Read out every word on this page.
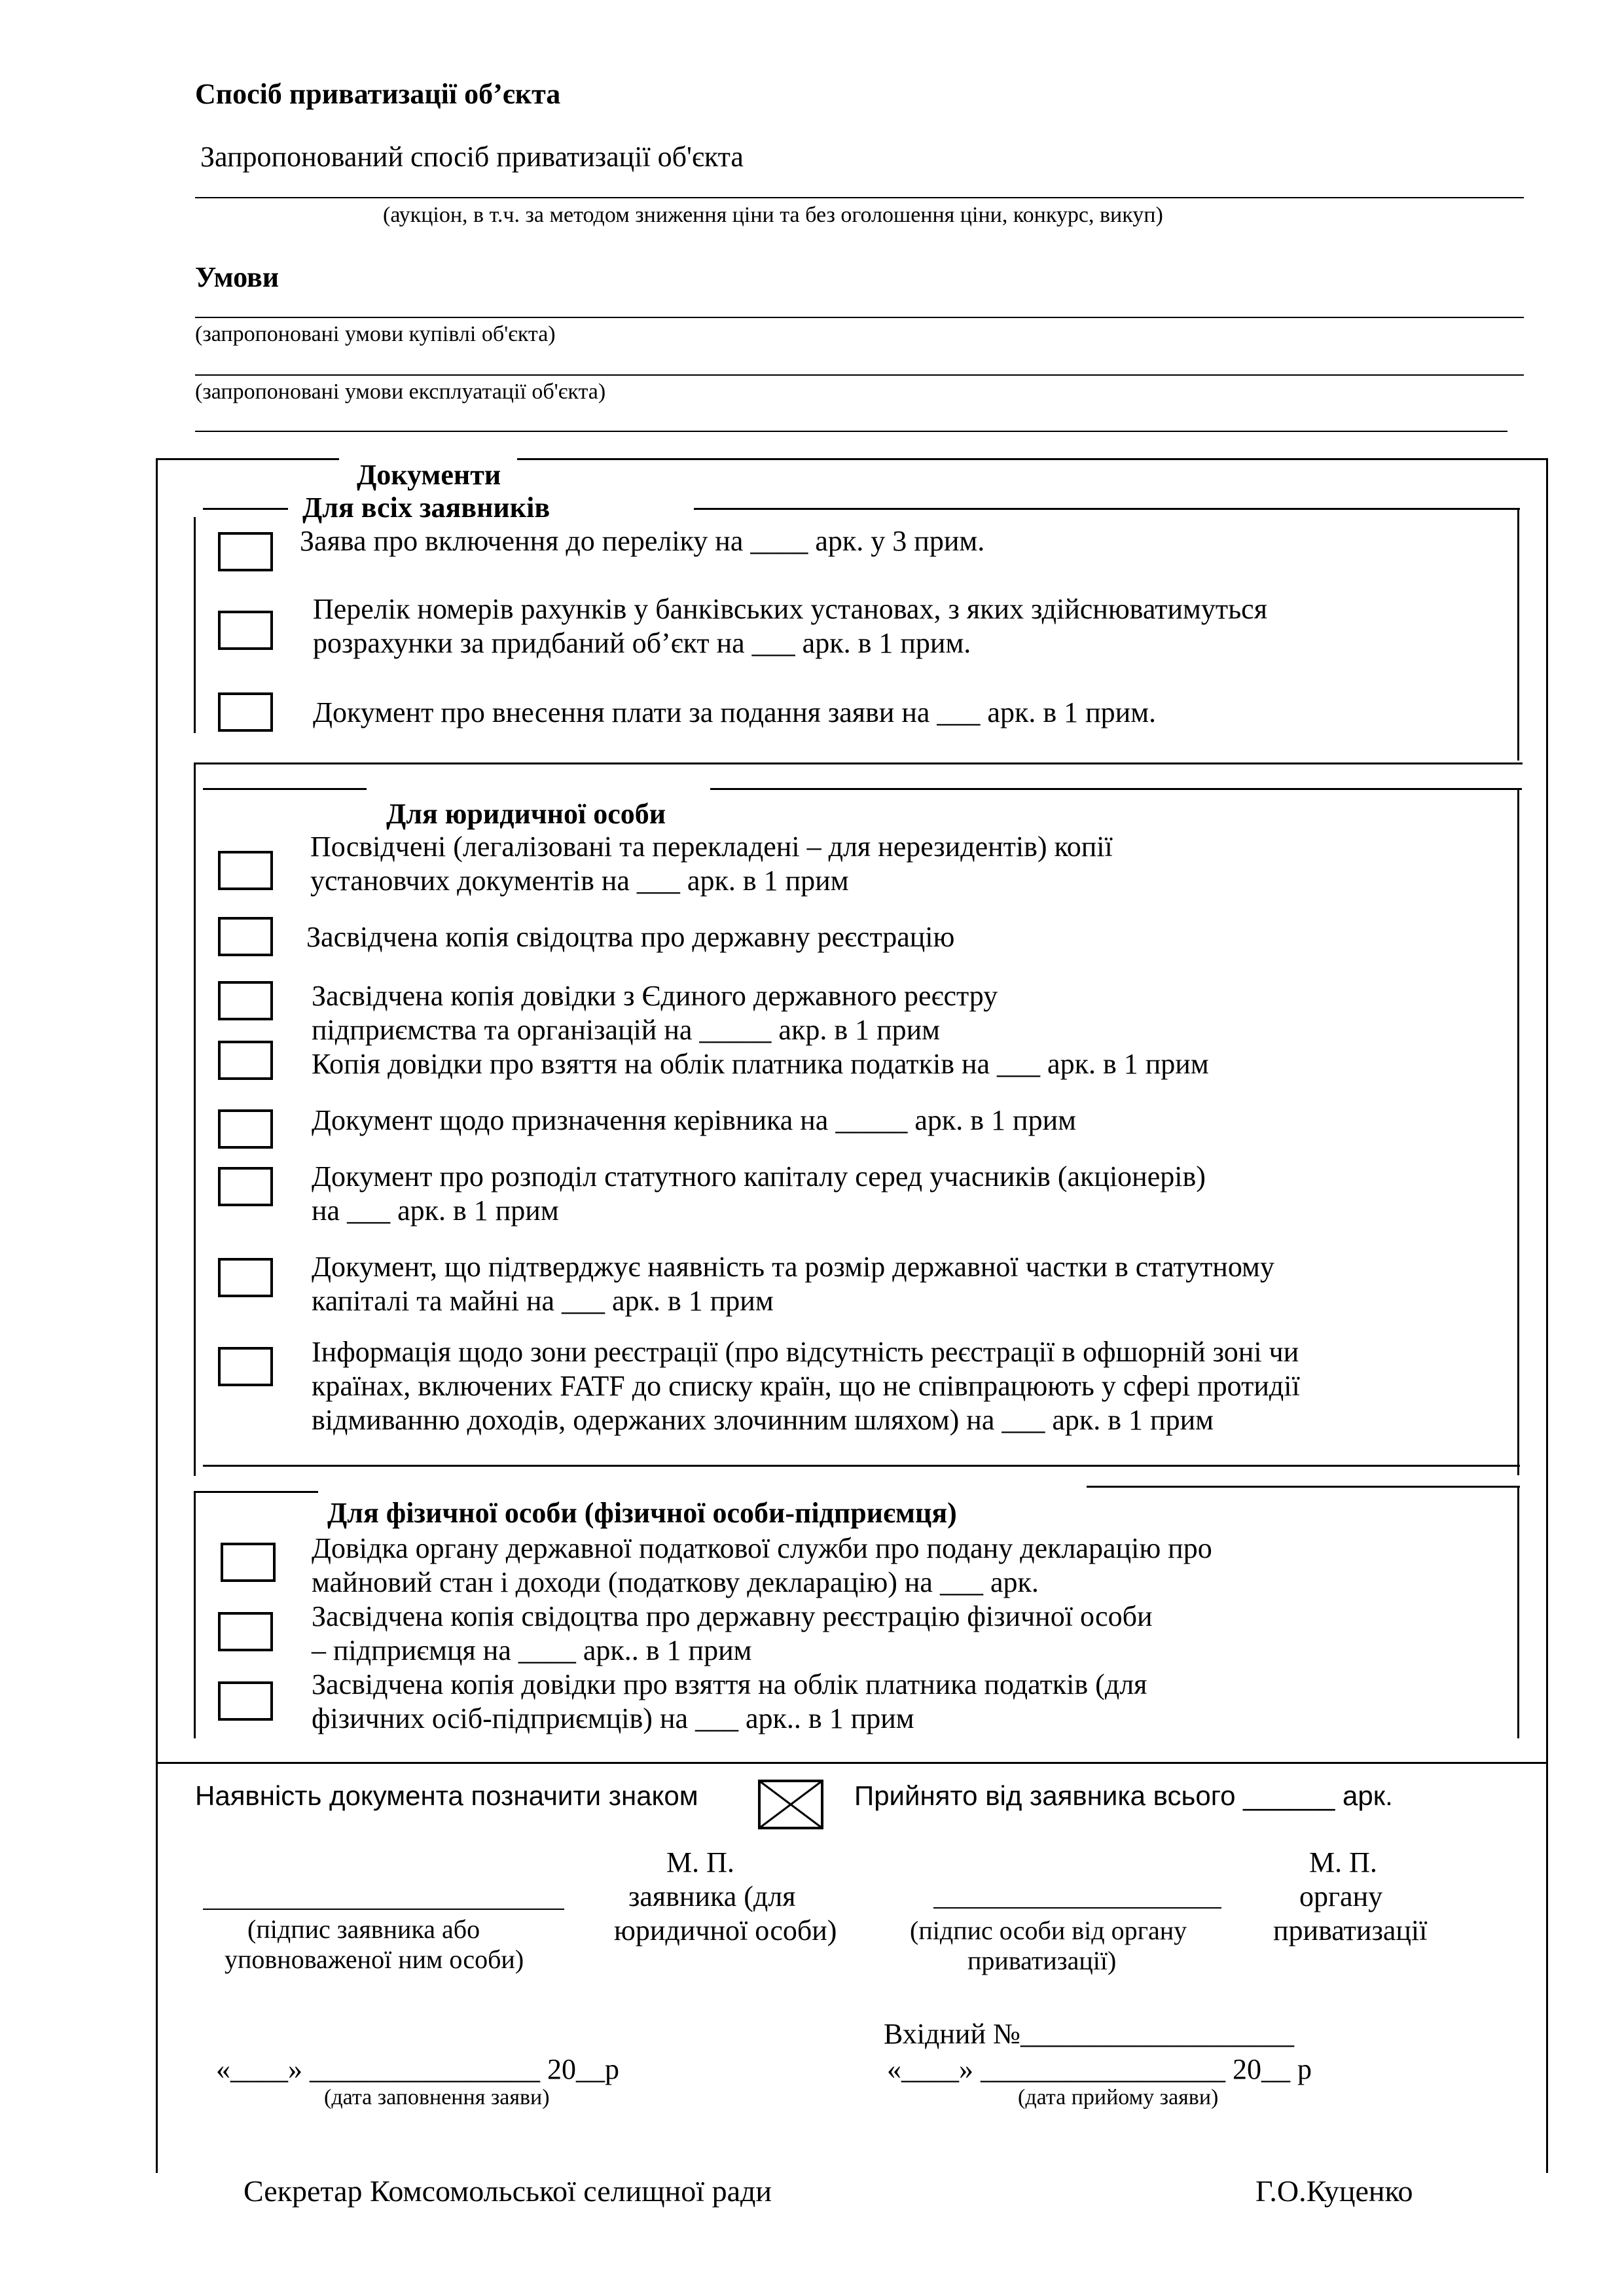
Спосіб приватизації об’єкта
Запропонований спосіб приватизації об'єкта
(аукціон, в т.ч. за методом зниження ціни та без оголошення ціни, конкурс, викуп)
Умови
(запропоновані умови купівлі об'єкта)
(запропоновані умови експлуатації об'єкта)
Документи
Для всіх заявників
Заява про включення до переліку на ____ арк. у 3 прим.
Перелік номерів рахунків у банківських установах, з яких здійснюватимуться
розрахунки за придбаний об’єкт на ___ арк. в 1 прим.
Документ про внесення плати за подання заяви на ___ арк. в 1 прим.
Для юридичної особи
Посвідчені (легалізовані та перекладені – для нерезидентів) копії
установчих документів на ___ арк. в 1 прим
Засвідчена копія свідоцтва про державну реєстрацію
Засвідчена копія довідки з Єдиного державного реєстру
підприємства та організацій на _____ акр. в 1 прим
Копія довідки про взяття на облік платника податків на ___ арк. в 1 прим
Документ щодо призначення керівника на _____ арк. в 1 прим
Документ про розподіл статутного капіталу серед учасників (акціонерів)
на ___ арк. в 1 прим
Документ, що підтверджує наявність та розмір державної частки в статутному
капіталі та майні на ___ арк. в 1 прим
Інформація щодо зони реєстрації (про відсутність реєстрації в офшорній зоні чи
країнах, включених FATF до списку країн, що не співпрацюють у сфері протидії
відмиванню доходів, одержаних злочинним шляхом) на ___ арк. в 1 прим
Для фізичної особи (фізичної особи-підприємця)
Довідка органу державної податкової служби про подану декларацію про
майновий стан і доходи (податкову декларацію) на ___ арк.
Засвідчена копія свідоцтва про державну реєстрацію фізичної особи
– підприємця на ____ арк.. в 1 прим
Засвідчена копія довідки про взяття на облік платника податків (для
фізичних осіб-підприємців) на ___ арк.. в 1 прим
Наявність документа позначити знаком	Прийнято від заявника всього ______ арк.
(підпис заявника або
уповноваженої ним особи)
М. П.
заявника (для
юридичної особи)	(підпис особи від органу
приватизації)
М. П.
органу
приватизації
Вхідний №___________________
«____» ________________ 20__р
(дата заповнення заяви)
«____» _________________ 20__ р
(дата прийому заяви)
Секретар Комсомольської селищної ради	Г.О.Куценко
